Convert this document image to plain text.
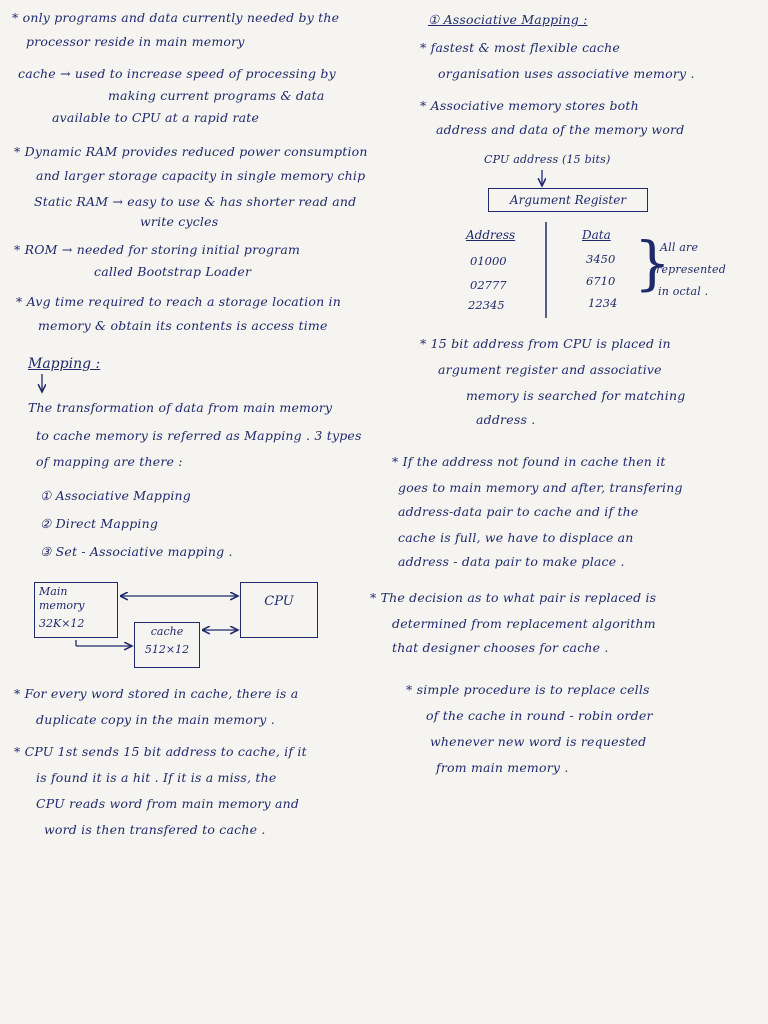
* only programs and data currently needed by the
processor reside in main memory
cache → used to increase speed of processing by
making current programs & data
available to CPU at a rapid rate
* Dynamic RAM provides reduced power consumption
and larger storage capacity in single memory chip
Static RAM → easy to use & has shorter read and
write cycles
* ROM → needed for storing initial program
called Bootstrap Loader
* Avg time required to reach a storage location in
memory & obtain its contents is access time
Mapping :
The transformation of data from main memory
to cache memory is referred as Mapping . 3 types
of mapping are there :
① Associative Mapping
② Direct Mapping
③ Set - Associative mapping .
Main memory
32K×12
CPU
cache
512×12
* For every word stored in cache, there is a
duplicate copy in the main memory .
* CPU 1st sends 15 bit address to cache, if it
is found it is a hit . If it is a miss, the
CPU reads word from main memory and
word is then transfered to cache .
① Associative Mapping :
* fastest & most flexible cache
organisation uses associative memory .
* Associative memory stores both
address and data of the memory word
CPU address (15 bits)
Argument Register
Address	Data
01000	3450
02777	6710
22345	1234
}
All are
represented
in octal .
* 15 bit address from CPU is placed in
argument register and associative
memory is searched for matching
address .
* If the address not found in cache then it
goes to main memory and after, transfering
address-data pair to cache and if the
cache is full, we have to displace an
address - data pair to make place .
* The decision as to what pair is replaced is
determined from replacement algorithm
that designer chooses for cache .
* simple procedure is to replace cells
of the cache in round - robin order
whenever new word is requested
from main memory .
